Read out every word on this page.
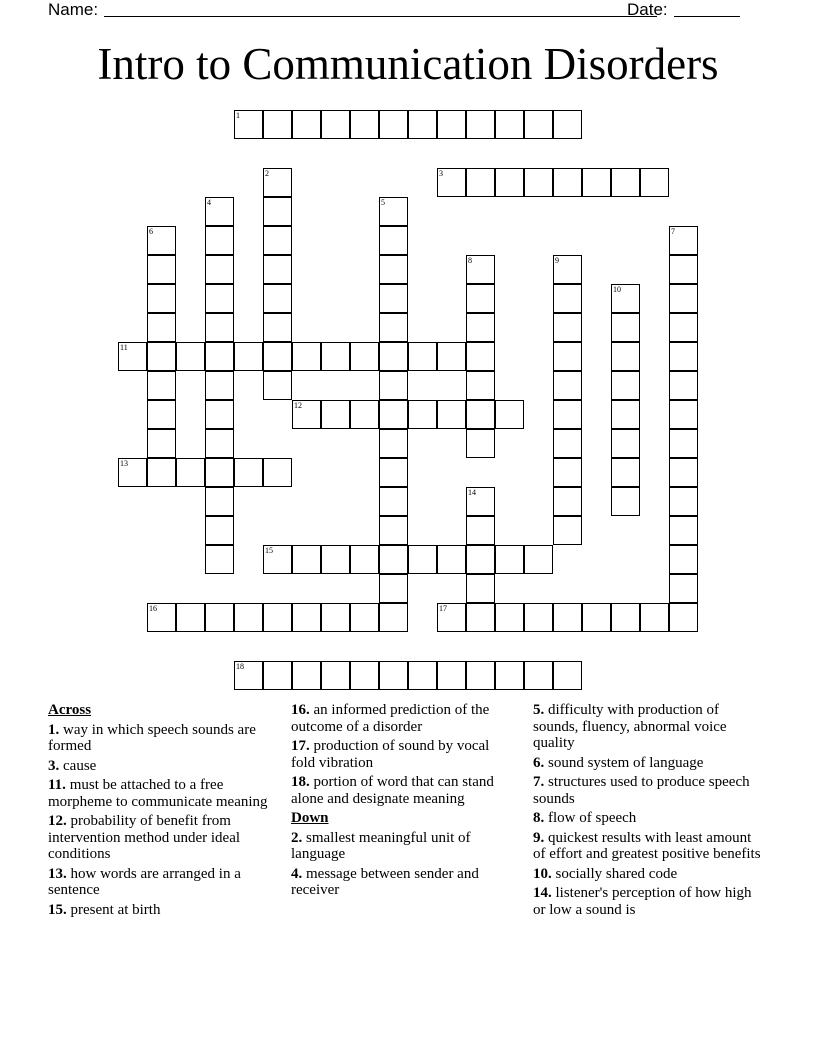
Name:	Date:
Intro to Communication Disorders
1
2	3
4	5
6	7
8	9
10
11
12
13
14
15
16	17
18
Across
1. way in which speech sounds are formed
3. cause
11. must be attached to a free morpheme to communicate meaning
12. probability of benefit from intervention method under ideal conditions
13. how words are arranged in a sentence
15. present at birth
16. an informed prediction of the outcome of a disorder
17. production of sound by vocal fold vibration
18. portion of word that can stand alone and designate meaning
Down
2. smallest meaningful unit of language
4. message between sender and receiver
5. difficulty with production of sounds, fluency, abnormal voice quality
6. sound system of language
7. structures used to produce speech sounds
8. flow of speech
9. quickest results with least amount of effort and greatest positive benefits
10. socially shared code
14. listener's perception of how high or low a sound is
